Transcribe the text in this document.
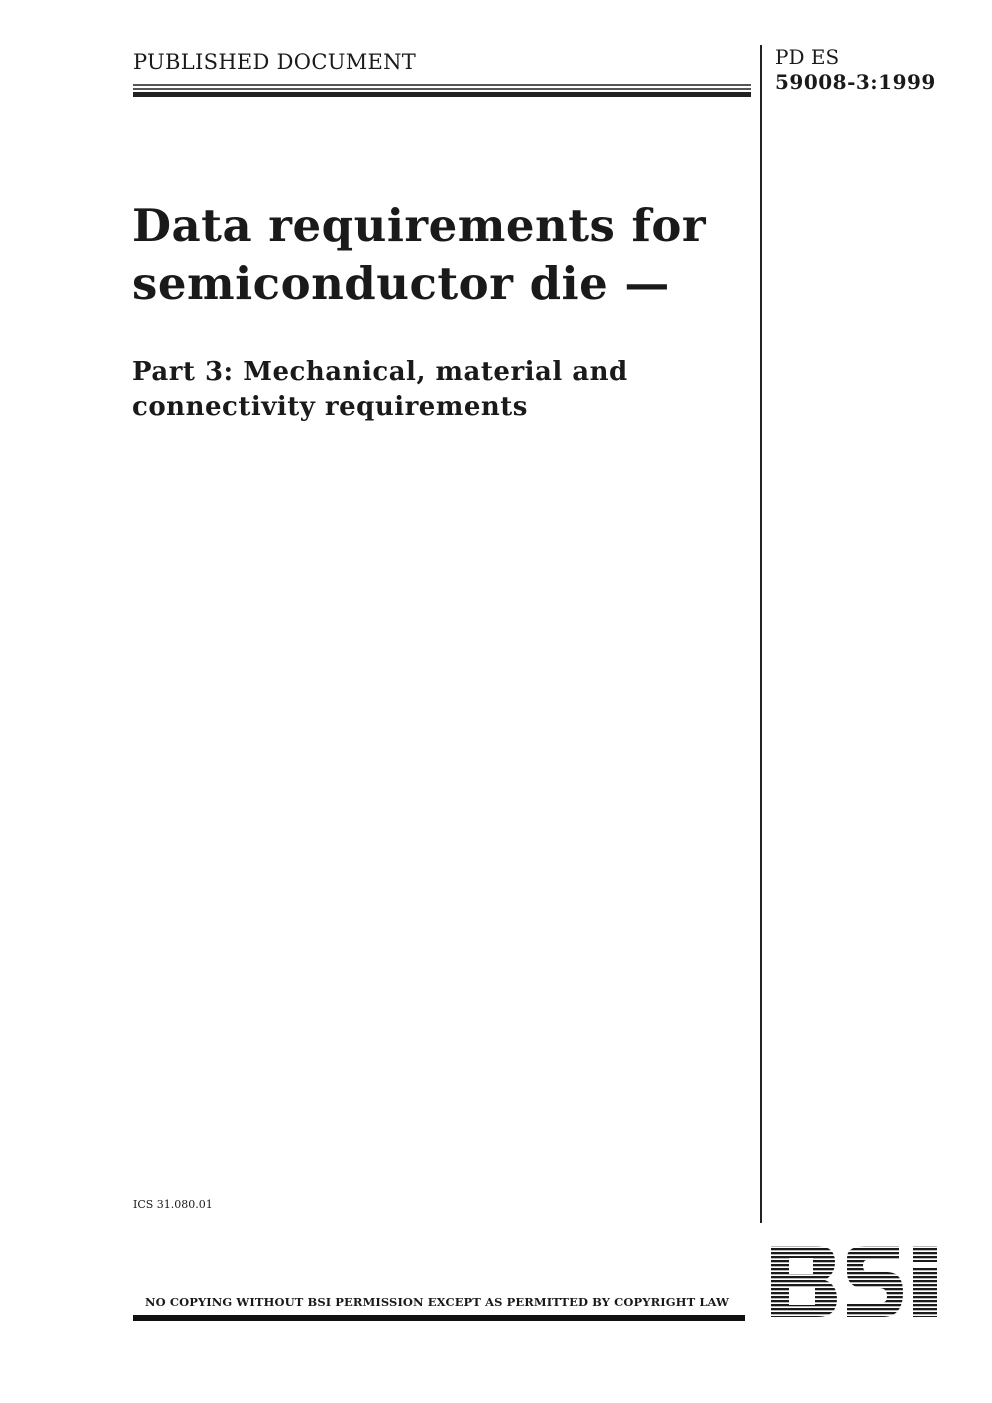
PUBLISHED DOCUMENT	PD ES
59008-3:1999
Data requirements for
semiconductor die —
Part 3: Mechanical, material and
connectivity requirements
ICS 31.080.01
NO COPYING WITHOUT BSI PERMISSION EXCEPT AS PERMITTED BY COPYRIGHT LAW
